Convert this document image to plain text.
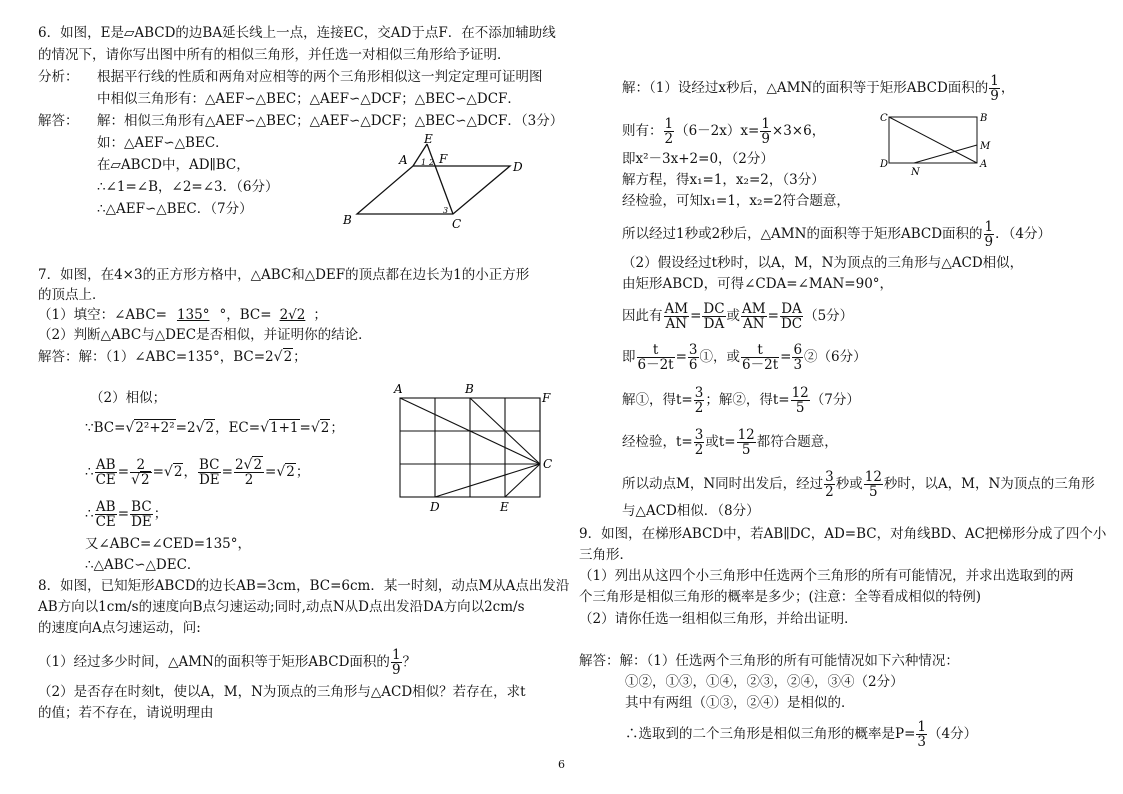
6．如图，E是▱ABCD的边BA延长线上一点，连接EC，交AD于点F．在不添加辅助线
的情况下，请你写出图中所有的相似三角形，并任选一对相似三角形给予证明．
分析： 根据平行线的性质和两角对应相等的两个三角形相似这一判定定理可证明图
中相似三角形有：△AEF∽△BEC；△AEF∽△DCF；△BEC∽△DCF．
解答： 解：相似三角形有△AEF∽△BEC；△AEF∽△DCF；△BEC∽△DCF．（3分）
如：△AEF∽△BEC．
在▱ABCD中，AD∥BC，
∴∠1=∠B，∠2=∠3．（6分）
∴△AEF∽△BEC．（7分）
E
A	F
D
B	C
1 2
3
7．如图，在4×3的正方形方格中，△ABC和△DEF的顶点都在边长为1的小正方形
的顶点上．
（1）填空：∠ABC= 135° °，BC= 2√2 ；
（2）判断△ABC与△DEC是否相似，并证明你的结论．
解答：解：（1）∠ABC=135°，BC=2√2；
（2）相似；
∵BC=√2²+2²=2√2，EC=√1+1=√2；
∴ $\frac{AB}{CE} = \frac{2}{√2} =√2$， $\frac{BC}{DE} = \frac{2√2}{2} =√2$；
∴ $\frac{AB}{CE} = \frac{BC}{DE}$ ；
又∠ABC=∠CED=135°，
∴△ABC∽△DEC．
A	B
F
C
D	E
8．如图，已知矩形ABCD的边长AB=3cm，BC=6cm．某一时刻，动点M从A点出发沿
AB方向以1cm/s的速度向B点匀速运动;同时,动点N从D点出发沿DA方向以2cm/s
的速度向A点匀速运动，问:
（1）经过多少时间，△AMN的面积等于矩形ABCD面积的 $\frac{1}{9}$ ？
（2）是否存在时刻t，使以A，M，N为顶点的三角形与△ACD相似？若存在，求t
的值；若不存在，请说明理由
解：（1）设经过x秒后，△AMN的面积等于矩形ABCD面积的 $\frac{1}{9}$ ，
则有： $\frac{1}{2} (6-2x)x= \frac{1}{9} \times 3\times 6$，
即x²－3x+2=0，（2分）
解方程，得x₁=1，x₂=2，（3分）
经检验，可知x₁=1，x₂=2符合题意，
所以经过1秒或2秒后，△AMN的面积等于矩形ABCD面积的 $\frac{1}{9}$ ．（4分）
C	B
M
D
N
A
（2）假设经过t秒时，以A，M，N为顶点的三角形与△ACD相似，
由矩形ABCD，可得∠CDA=∠MAN=90°，
因此有 $\frac{AM}{AN} = \frac{DC}{DA}$ 或 $\frac{AM}{AN} = \frac{DA}{DC} (5$分）
即 $\frac{t}{6-2t} = \frac{3}{6}$ ①，或 $\frac{t}{6-2t} = \frac{6}{3}$ ②（6分）
解①，得$t= \frac{3}{2}$ ；解②，得$t= \frac{12}{5} (7$分）
经检验，$t= \frac{3}{2}$ 或$t= \frac{12}{5}$ 都符合题意，
所以动点M，N同时出发后，经过 $\frac{3}{2}$ 秒或 $\frac{12}{5}$ 秒时，以A，M，N为顶点的三角形
与△ACD相似．（8分）
9．如图，在梯形ABCD中，若AB∥DC，AD=BC，对角线BD、AC把梯形分成了四个小
三角形．
（1）列出从这四个小三角形中任选两个三角形的所有可能情况，并求出选取到的两
个三角形是相似三角形的概率是多少；(注意：全等看成相似的特例)
（2）请你任选一组相似三角形，并给出证明．
解答：解：（1）任选两个三角形的所有可能情况如下六种情况：
①②，①③，①④，②③，②④，③④（2分）
其中有两组（①③，②④）是相似的．
∴选取到的二个三角形是相似三角形的概率是$P= \frac{1}{3} (4$分）
6
